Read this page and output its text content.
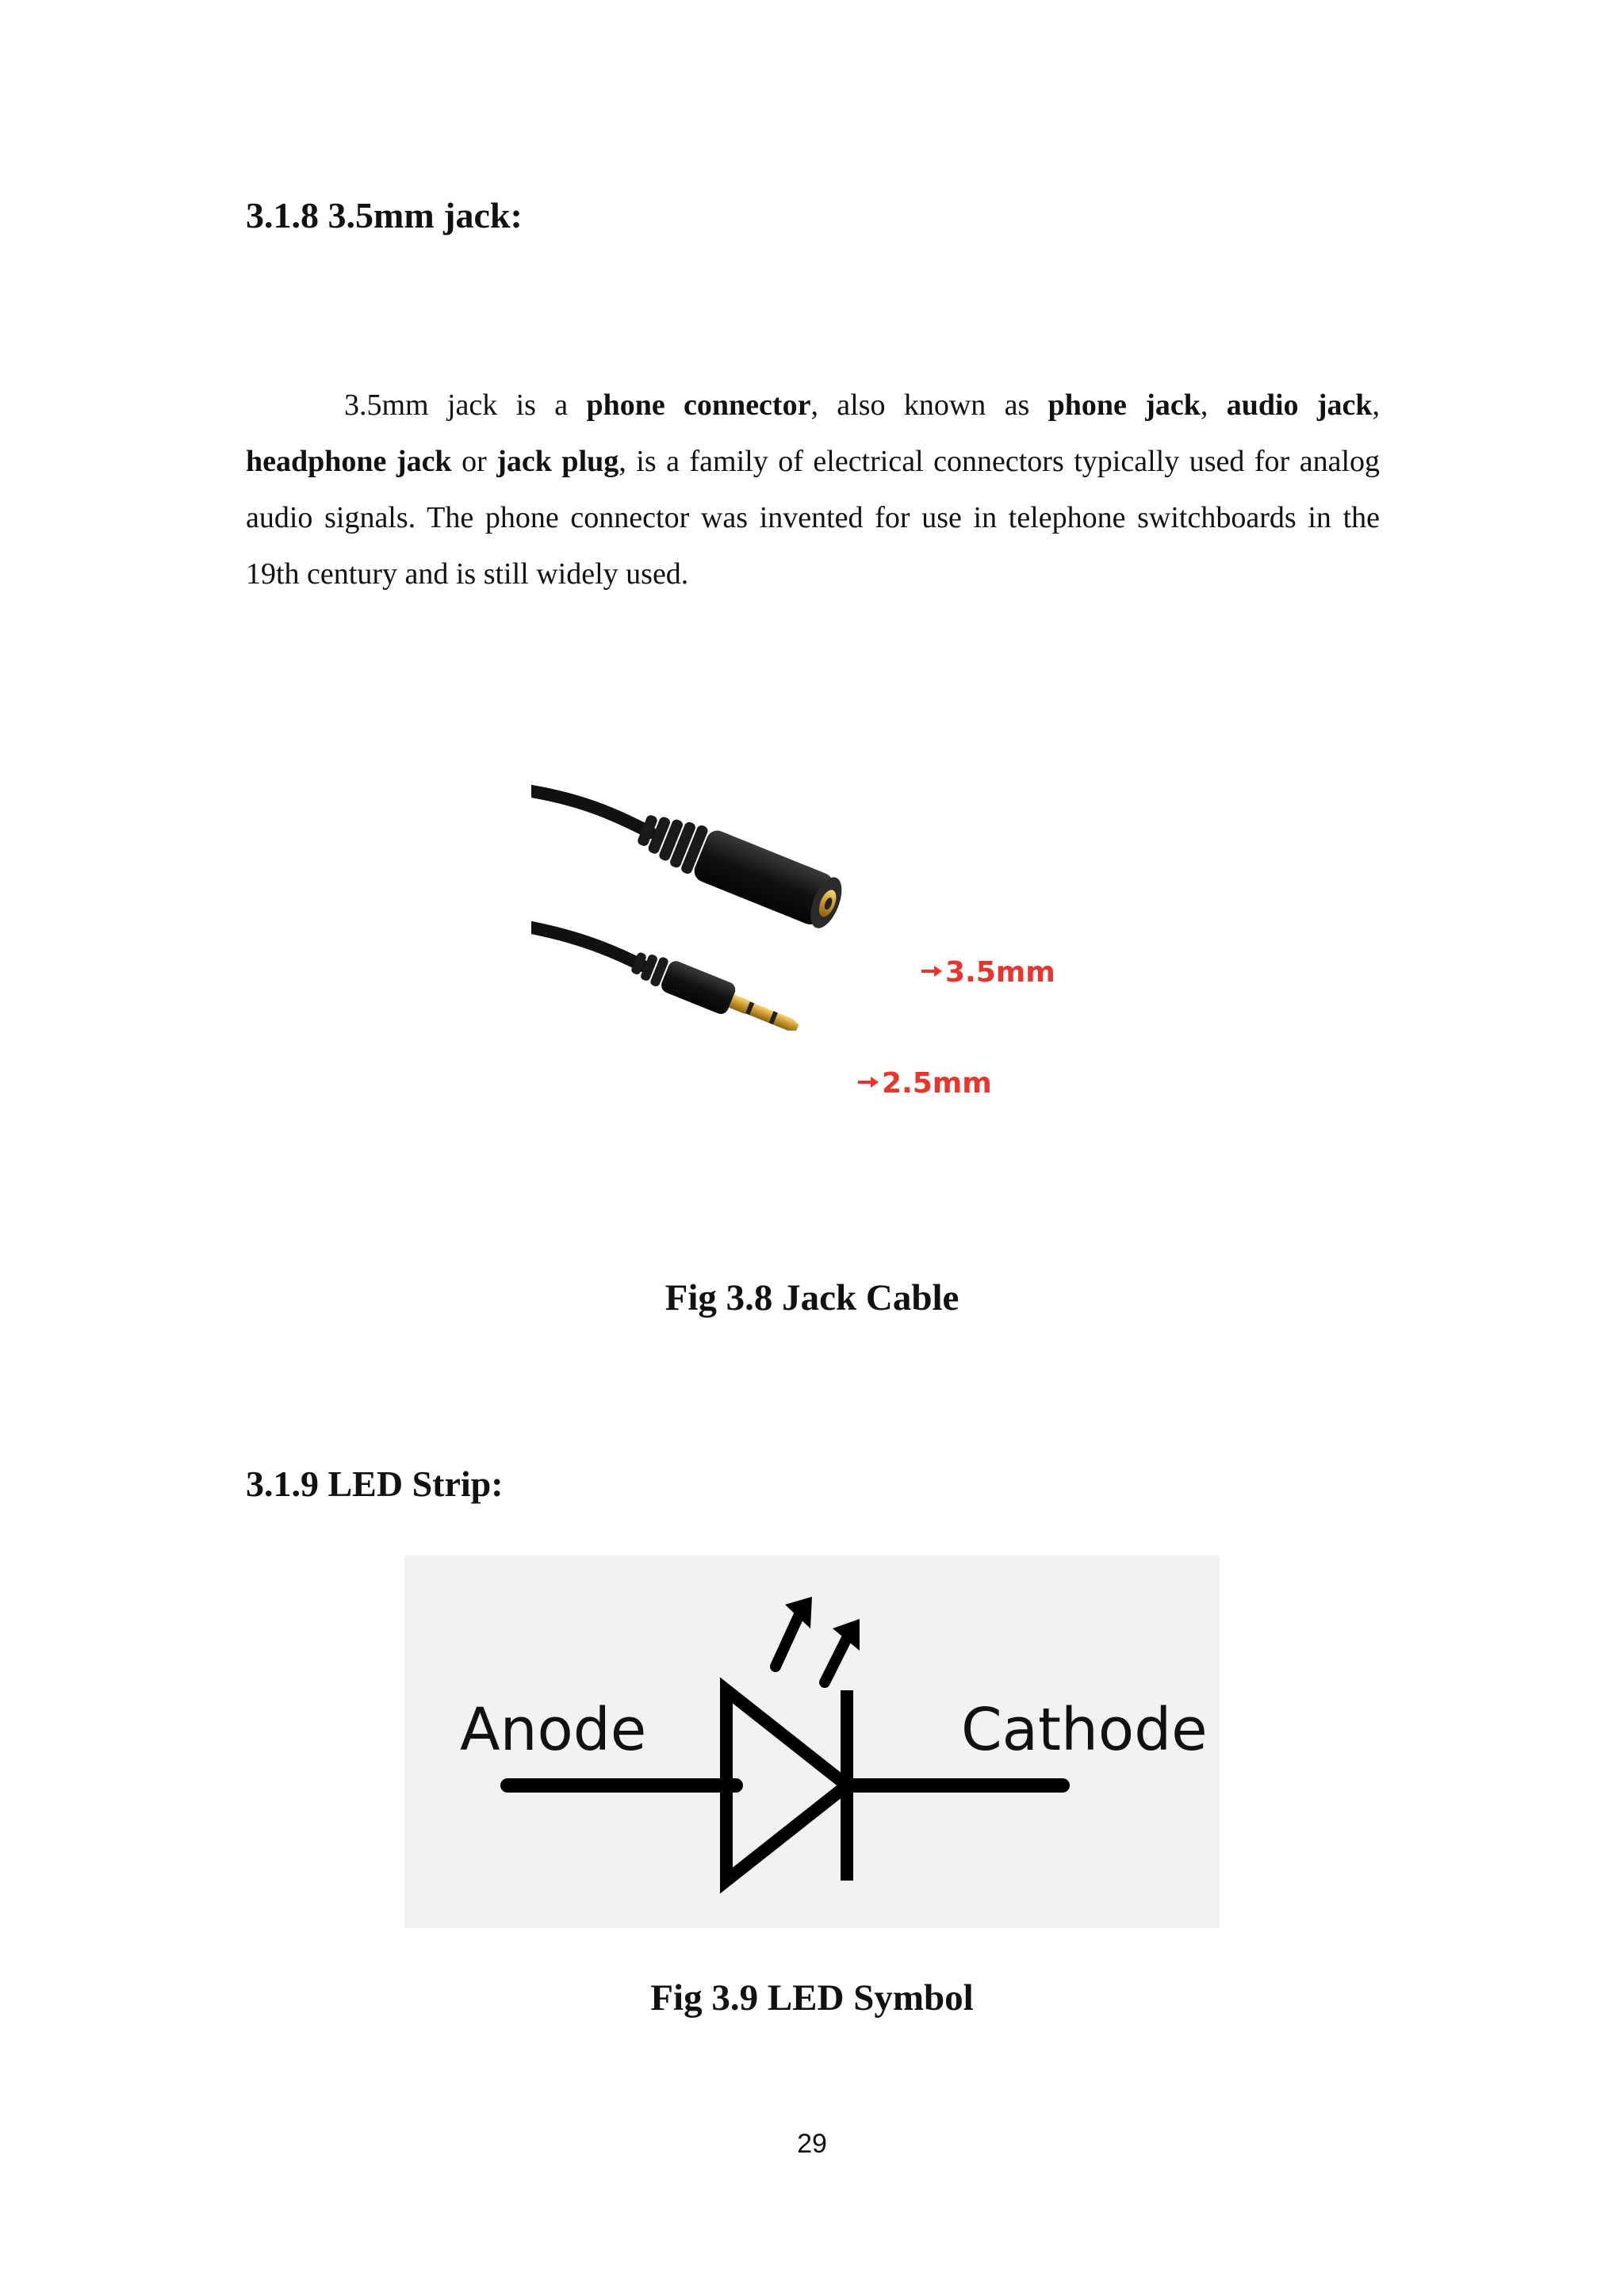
3.1.8 3.5mm jack:

3.5mm jack is a phone connector, also known as phone jack, audio jack, headphone jack or jack plug, is a family of electrical connectors typically used for analog audio signals. The phone connector was invented for use in telephone switchboards in the 19th century and is still widely used.

3.5mm
2.5mm

Fig 3.8 Jack Cable

3.1.9 LED Strip:
Anode	Cathode

Fig 3.9 LED Symbol

29
